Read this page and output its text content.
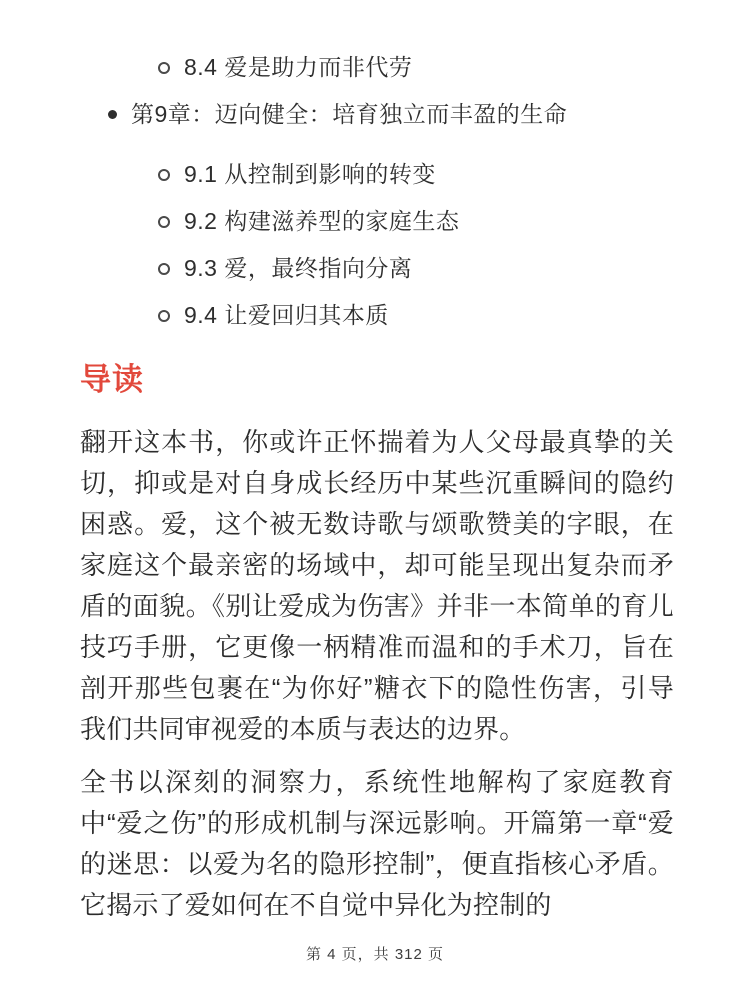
8.4 爱是助力而非代劳
第9章：迈向健全：培育独立而丰盈的生命
9.1 从控制到影响的转变
9.2 构建滋养型的家庭生态
9.3 爱，最终指向分离
9.4 让爱回归其本质
导读

翻开这本书，你或许正怀揣着为人父母最真挚的关切，抑或是对自身成长经历中某些沉重瞬间的隐约困惑。爱，这个被无数诗歌与颂歌赞美的字眼，在家庭这个最亲密的场域中，却可能呈现出复杂而矛盾的面貌。《别让爱成为伤害》并非一本简单的育儿技巧手册，它更像一柄精准而温和的手术刀，旨在剖开那些包裹在“为你好”糖衣下的隐性伤害，引导我们共同审视爱的本质与表达的边界。

全书以深刻的洞察力，系统性地解构了家庭教育中“爱之伤”的形成机制与深远影响。开篇第一章“爱的迷思：以爱为名的隐形控制”，便直指核心矛盾。它揭示了爱如何在不自觉中异化为控制的

第 4 页，共 312 页
